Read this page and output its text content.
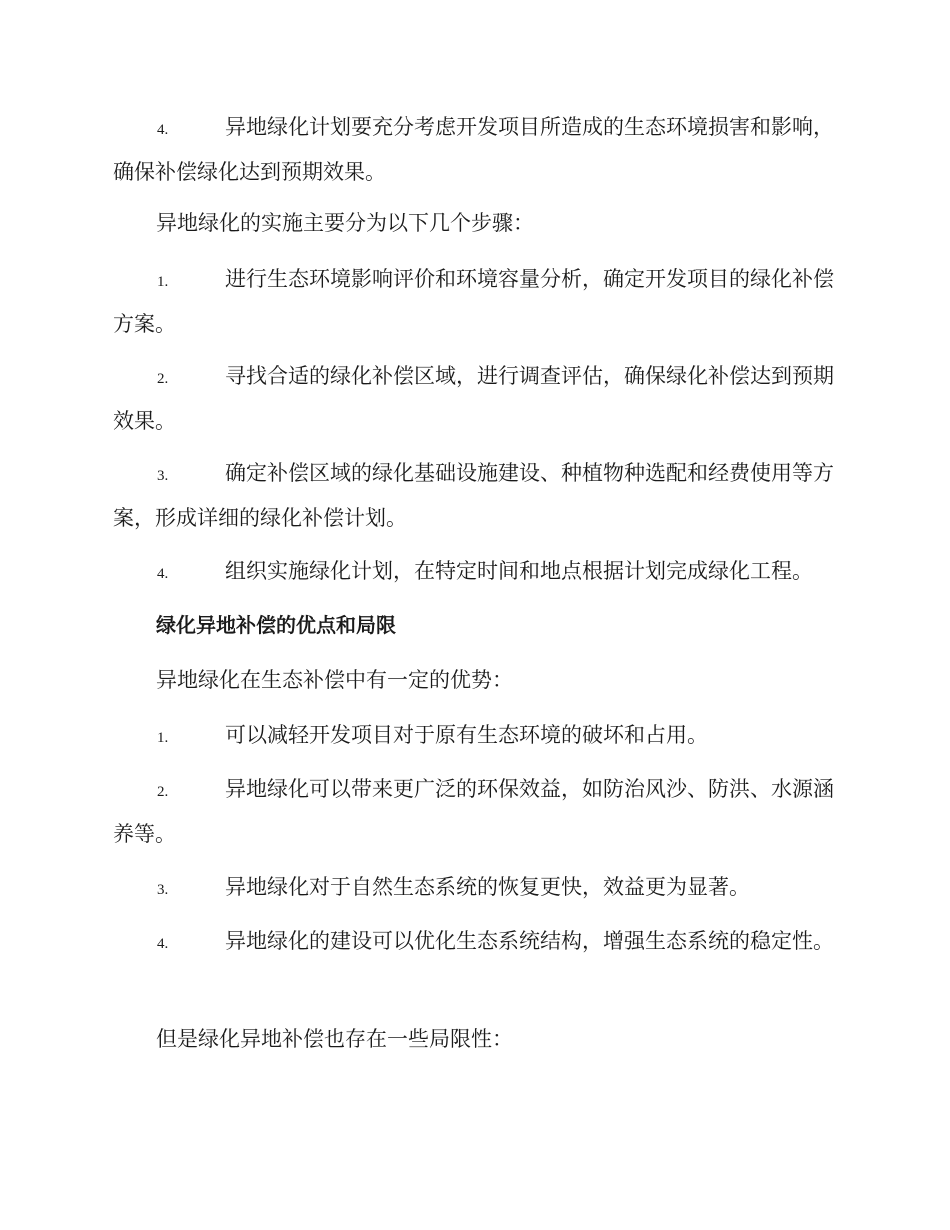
4.	异地绿化计划要充分考虑开发项目所造成的生态环境损害和影响，确保补偿绿化达到预期效果。
异地绿化的实施主要分为以下几个步骤：
1.	进行生态环境影响评价和环境容量分析，确定开发项目的绿化补偿方案。
2.	寻找合适的绿化补偿区域，进行调查评估，确保绿化补偿达到预期效果。
3.	确定补偿区域的绿化基础设施建设、种植物种选配和经费使用等方案，形成详细的绿化补偿计划。
4.	组织实施绿化计划，在特定时间和地点根据计划完成绿化工程。
绿化异地补偿的优点和局限
异地绿化在生态补偿中有一定的优势：
1.	可以减轻开发项目对于原有生态环境的破坏和占用。
2.	异地绿化可以带来更广泛的环保效益，如防治风沙、防洪、水源涵养等。
3.	异地绿化对于自然生态系统的恢复更快，效益更为显著。
4.	异地绿化的建设可以优化生态系统结构，增强生态系统的稳定性。
但是绿化异地补偿也存在一些局限性：
